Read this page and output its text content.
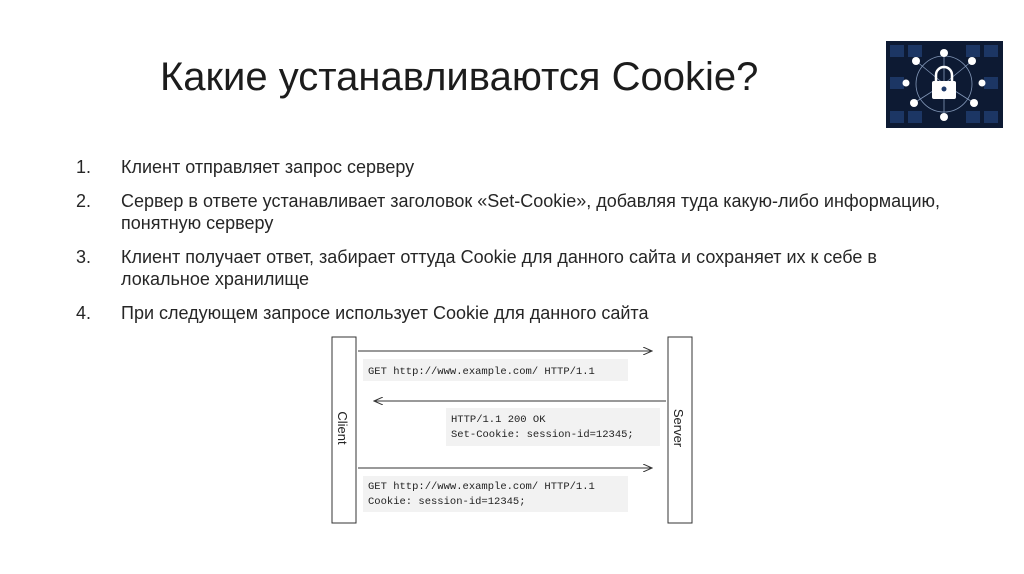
Какие устанавливаются Cookie?
1. Клиент отправляет запрос серверу
2. Сервер в ответе устанавливает заголовок «Set-Cookie», добавляя туда какую-либо информацию, понятную серверу
3. Клиент получает ответ, забирает оттуда Cookie для данного сайта и сохраняет их к себе в локальное хранилище
4. При следующем запросе использует Cookie для данного сайта
Client	Server
GET http://www.example.com/ HTTP/1.1
HTTP/1.1 200 OK
Set-Cookie: session-id=12345;
GET http://www.example.com/ HTTP/1.1
Cookie: session-id=12345;
